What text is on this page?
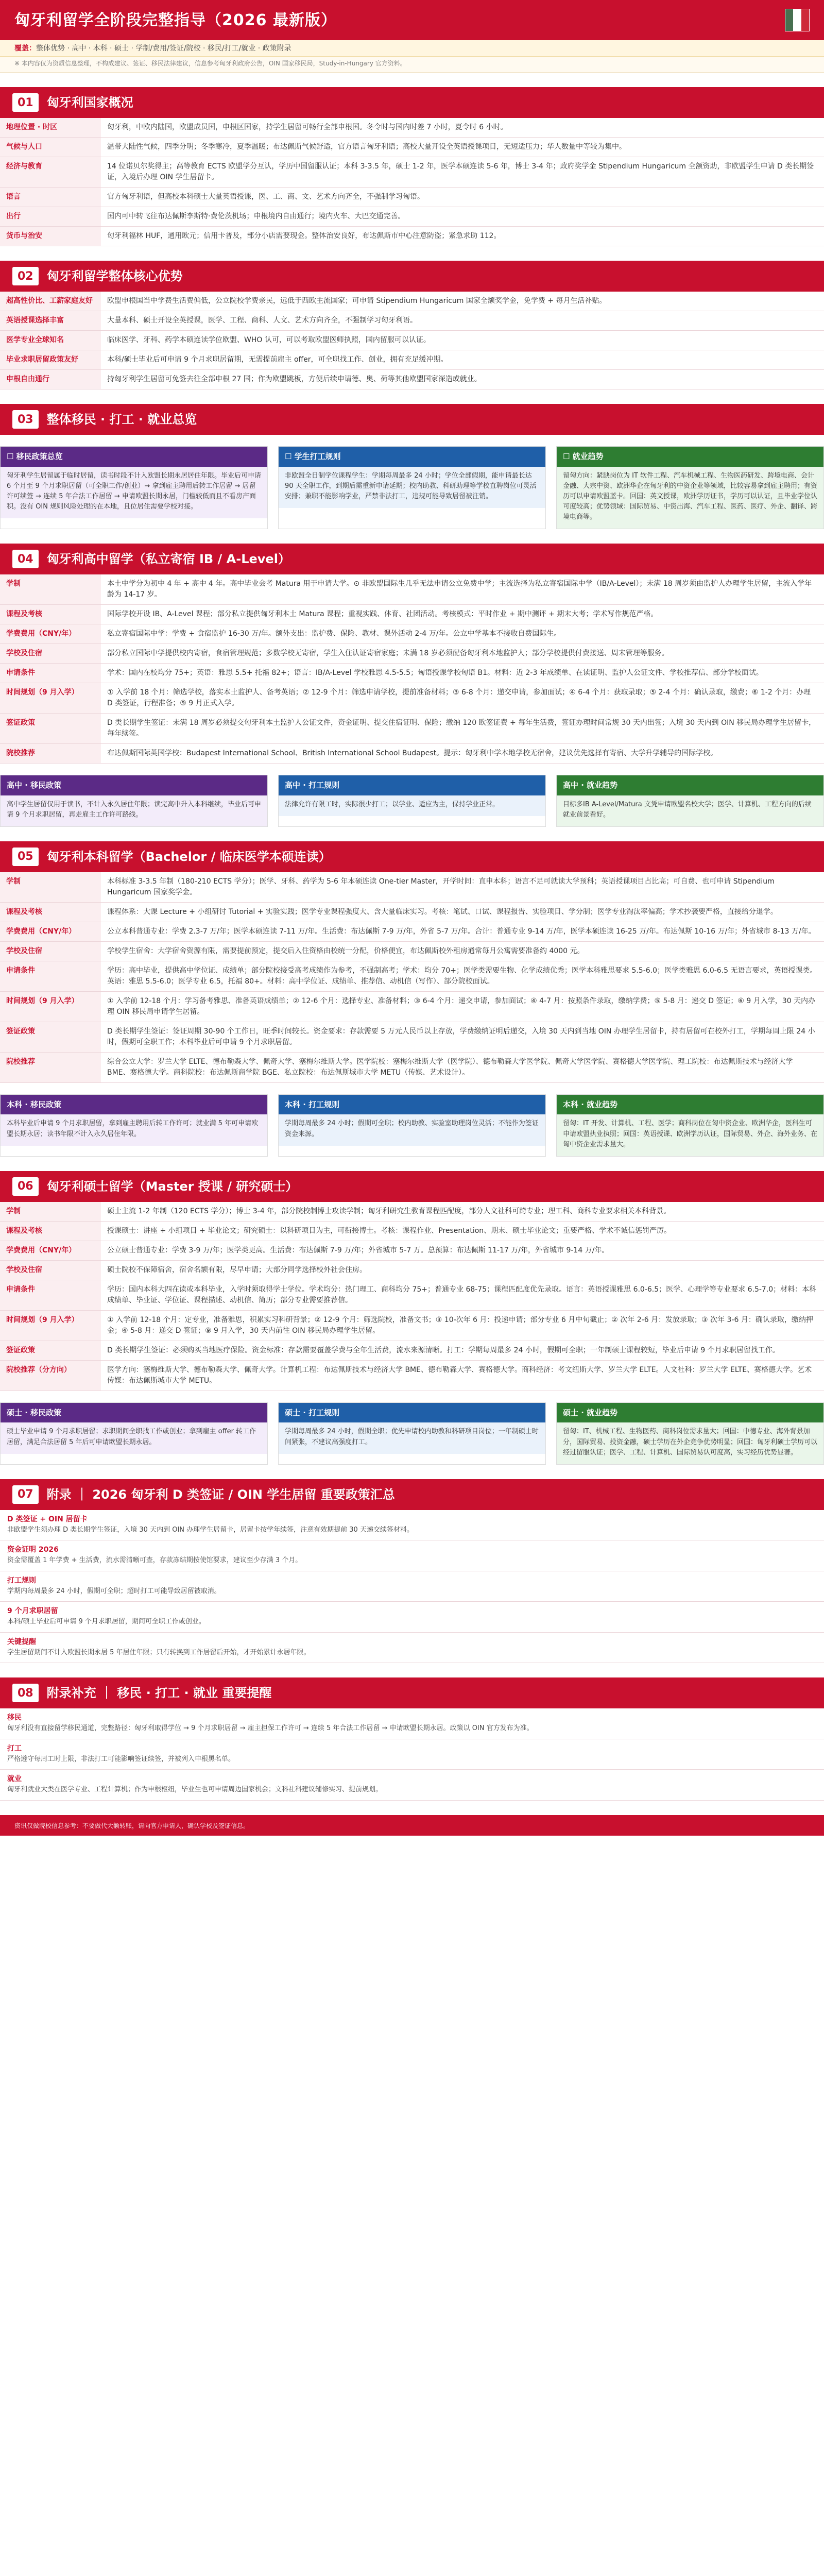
匈牙利留学全阶段完整指导（2026 最新版）
覆盖：整体优势 · 高中 · 本科 · 硕士 · 学制/费用/签证/院校 · 移民/打工/就业 · 政策附录
※ 本内容仅为资质信息整理，不构成建议、签证、移民法律建议，信息参考匈牙利政府公告，OIN 国家移民局，Study-in-Hungary 官方资料。
01	匈牙利国家概况
地理位置 · 时区	匈牙利，中欧内陆国，欧盟成员国，申根区国家，持学生居留可畅行全部申根国。冬令时与国内时差 7 小时，夏令时 6 小时。
气候与人口	温带大陆性气候，四季分明；冬季寒冷，夏季温暖；布达佩斯气候舒适，官方语言匈牙利语；高校大量开设全英语授课项目，无短适压力；华人数量中等较为集中。
经济与教育	14 位诺贝尔奖得主；高等教育 ECTS 欧盟学分互认，学历中国留服认证；本科 3-3.5 年，硕士 1-2 年，医学本硕连读 5-6 年，博士 3-4 年；政府奖学金 Stipendium Hungaricum 全额资助，非欧盟学生申请 D 类长期签证，入境后办理 OIN 学生居留卡。
语言	官方匈牙利语，但高校本科硕士大量英语授课，医、工、商、文、艺术方向齐全，不强制学习匈语。
出行	国内可中转飞往布达佩斯李斯特·费伦茨机场；申根境内自由通行；境内火车、大巴交通完善。
货币与治安	匈牙利福林 HUF，通用欧元；信用卡普及，部分小店需要现金。整体治安良好，布达佩斯市中心注意防盗；紧急求助 112。
02	匈牙利留学整体核心优势
超高性价比、工薪家庭友好	欧盟申根国当中学费生活费偏低，公立院校学费亲民，远低于西欧主流国家；可申请 Stipendium Hungaricum 国家全额奖学金，免学费 + 每月生活补贴。
英语授课选择丰富	大量本科、硕士开设全英授课，医学、工程、商科、人文、艺术方向齐全，不强制学习匈牙利语。
医学专业全球知名	临床医学、牙科、药学本硕连读学位欧盟、WHO 认可，可以考取欧盟医师执照，国内留服可以认证。
毕业求职居留政策友好	本科/硕士毕业后可申请 9 个月求职居留期，无需提前雇主 offer，可全职找工作、创业，拥有充足缓冲期。
申根自由通行	持匈牙利学生居留可免签去往全部申根 27 国；作为欧盟跳板，方便后续申请德、奥、荷等其他欧盟国家深造或就业。
03	整体移民 · 打工 · 就业总览
☐ 移民政策总览
匈牙利学生居留属于临时居留，读书时段不计入欧盟长期永居居住年限。毕业后可申请 6 个月至 9 个月求职居留（可全职工作/创业）→ 拿到雇主聘用后转工作居留 → 居留许可续签 → 连续 5 年合法工作居留 → 申请欧盟长期永居，门槛较低而且不看房产面积。没有 OIN 规则风险处理的在本地，且位居住需要学校对接。
☐ 学生打工规则
非欧盟全日制学位课程学生：学期每周最多 24 小时；学位全部假期，能申请最长达 90 天全职工作，到期后需重新申请延期；校内助教、科研助理等学校直聘岗位可灵活安排；兼职不能影响学业，严禁非法打工，违规可能导致居留被注销。
☐ 就业趋势
留匈方向：紧缺岗位为 IT 软件工程、汽车机械工程、生物医药研发、跨境电商、会计金融、大宗中资、欧洲华企在匈牙利的中资企业等领域，比较容易拿到雇主聘用；有资历可以申请欧盟蓝卡。回国：英文授课，欧洲学历证书，学历可以认证，且毕业学位认可度较高；优势领域：国际贸易、中资出海、汽车工程、医药、医疗、外企、翻译、跨境电商等。
04	匈牙利高中留学（私立寄宿 IB / A-Level）
学制	本土中学分为初中 4 年 + 高中 4 年。高中毕业会考 Matura 用于申请大学。⊙ 非欧盟国际生几乎无法申请公立免费中学；主流选择为私立寄宿国际中学（IB/A-Level）；未满 18 周岁须由监护人办理学生居留，主流入学年龄为 14-17 岁。
课程及考核	国际学校开设 IB、A-Level 课程；部分私立提供匈牙利本土 Matura 课程；重视实践、体育、社团活动。考核模式：平时作业 + 期中测评 + 期末大考；学术写作规范严格。
学费费用（CNY/年）	私立寄宿国际中学：学费 + 食宿监护 16-30 万/年。额外支出：监护费、保险、教材、课外活动 2-4 万/年。公立中学基本不接收自费国际生。
学校及住宿	部分私立国际中学提供校内寄宿，食宿管理规范；多数学校无寄宿，学生入住认证寄宿家庭；未满 18 岁必须配备匈牙利本地监护人；部分学校提供付费接送、周末管理等服务。
申请条件	学术：国内在校均分 75+；英语：雅思 5.5+ 托福 82+；语言：IB/A-Level 学校雅思 4.5-5.5；匈语授课学校匈语 B1。材料：近 2-3 年成绩单、在读证明、监护人公证文件、学校推荐信、部分学校面试。
时间规划（9 月入学）	① 入学前 18 个月：筛选学校，落实本土监护人、备考英语；② 12-9 个月：筛选申请学校，提前准备材料；③ 6-8 个月：递交申请，参加面试；④ 6-4 个月：获取录取；⑤ 2-4 个月：确认录取，缴费；⑥ 1-2 个月：办理 D 类签证，行程准备；⑨ 9 月正式入学。
签证政策	D 类长期学生签证：未满 18 周岁必须提交匈牙利本土监护人公证文件，资金证明、提交住宿证明、保险；缴纳 120 欧签证费 + 每年生活费，签证办理时间常规 30 天内出签；入境 30 天内到 OIN 移民局办理学生居留卡，每年续签。
院校推荐	布达佩斯国际英国学校：Budapest International School、British International School Budapest。提示：匈牙利中学本地学校无宿舍，建议优先选择有寄宿、大学升学辅导的国际学校。
高中 · 移民政策
高中学生居留仅用于读书，不计入永久居住年限；读完高中升入本科继续，毕业后可申请 9 个月求职居留，再走雇主工作许可路线。
高中 · 打工规则
法律允许有限工时，实际很少打工；以学业、适应为主，保持学业正常。
高中 · 就业趋势
目标多IB A-Level/Matura 文凭申请欧盟名校大学；医学、计算机、工程方向的后续就业前景看好。
05	匈牙利本科留学（Bachelor / 临床医学本硕连读）
学制	本科标准 3-3.5 年制（180-210 ECTS 学分）；医学、牙科、药学为 5-6 年本硕连读 One-tier Master，开学时间：直申本科；语言不足可就读大学预科；英语授课项目占比高；可自费、也可申请 Stipendium Hungaricum 国家奖学金。
课程及考核	课程体系：大课 Lecture + 小组研讨 Tutorial + 实验实践；医学专业课程强度大、含大量临床实习。考核：笔试、口试、课程报告、实验项目、学分制；医学专业淘汰率偏高；学术抄袭要严格，直接给分退学。
学费费用（CNY/年）	公立本科普通专业：学费 2.3-7 万/年；医学本硕连读 7-11 万/年。生活费：布达佩斯 7-9 万/年，外省 5-7 万/年。合计：普通专业 9-14 万/年，医学本硕连读 16-25 万/年。布达佩斯 10-16 万/年；外省城市 8-13 万/年。
学校及住宿	学校学生宿舍：大学宿舍资源有限，需要提前预定，提交后入住资格由校统一分配，价格便宜，布达佩斯校外租房通常每月公寓需要准备约 4000 元。
申请条件	学历：高中毕业，提供高中学位证、成绩单；部分院校接受高考成绩作为参考，不强制高考；学术：均分 70+；医学类需要生物、化学成绩优秀；医学本科雅思要求 5.5-6.0；医学类雅思 6.0-6.5 无语言要求，英语授课类。英语：雅思 5.5-6.0；医学专业 6.5，托福 80+。材料：高中学位证、成绩单、推荐信、动机信（写作）、部分院校面试。
时间规划（9 月入学）	① 入学前 12-18 个月：学习备考雅思、准备英语成绩单；② 12-6 个月：选择专业、准备材料；③ 6-4 个月：递交申请，参加面试；④ 4-7 月：按照条件录取，缴纳学费；⑤ 5-8 月：递交 D 签证；⑥ 9 月入学，30 天内办理 OIN 移民局申请学生居留。
签证政策	D 类长期学生签证：签证周期 30-90 个工作日，旺季时间较长。资金要求：存款需要 5 万元人民币以上存放，学费缴纳证明后递交，入境 30 天内到当地 OIN 办理学生居留卡，持有居留可在校外打工，学期每周上限 24 小时，假期可全职工作；本科毕业后可申请 9 个月求职居留。
院校推荐	综合公立大学：罗兰大学 ELTE、德布勒森大学、佩奇大学、塞梅尔维斯大学。医学院校：塞梅尔维斯大学（医学院）、德布勒森大学医学院、佩奇大学医学院、赛格德大学医学院、理工院校：布达佩斯技术与经济大学 BME、赛格德大学。商科院校：布达佩斯商学院 BGE、私立院校：布达佩斯城市大学 METU（传媒、艺术设计）。
本科 · 移民政策
本科毕业后申请 9 个月求职居留，拿到雇主聘用后转工作许可；就业满 5 年可申请欧盟长期永居；读书年限不计入永久居住年限。
本科 · 打工规则
学期每周最多 24 小时；假期可全职；校内助教、实验室助理岗位灵活；不能作为签证资金来源。
本科 · 就业趋势
留匈：IT 开发、计算机、工程、医学；商科岗位在匈中资企业、欧洲华企，医科生可申请欧盟执业执照；回国：英语授课、欧洲学历认证，国际贸易、外企、海外业务、在匈中资企业需求量大。
06	匈牙利硕士留学（Master 授课 / 研究硕士）
学制	硕士主流 1-2 年制（120 ECTS 学分）；博士 3-4 年，部分院校制博士攻读学制；匈牙利研究生教育课程匹配度，部分人文社科可跨专业；理工科、商科专业要求相关本科背景。
课程及考核	授课硕士：讲座 + 小组项目 + 毕业论文；研究硕士：以科研项目为主，可衔接博士。考核：课程作业、Presentation、期末、硕士毕业论文；重要严格、学术不诚信惩罚严厉。
学费费用（CNY/年）	公立硕士普通专业：学费 3-9 万/年；医学类更高。生活费：布达佩斯 7-9 万/年；外省城市 5-7 万。总预算：布达佩斯 11-17 万/年，外省城市 9-14 万/年。
学校及住宿	硕士院校不保障宿舍，宿舍名额有限，尽早申请；大部分同学选择校外社会住房。
申请条件	学历：国内本科大四在读或本科毕业，入学时须取得学士学位。学术均分：热门理工、商科均分 75+；普通专业 68-75；课程匹配度优先录取。语言：英语授课雅思 6.0-6.5；医学、心理学等专业要求 6.5-7.0；材料：本科成绩单、毕业证、学位证、课程描述、动机信、简历；部分专业需要推荐信。
时间规划（9 月入学）	① 入学前 12-18 个月：定专业，准备雅思，积累实习科研背景；② 12-9 个月：筛选院校，准备文书；③ 10-次年 6 月：投递申请；部分专业 6 月中旬截止；② 次年 2-6 月：发放录取；③ 次年 3-6 月：确认录取，缴纳押金；④ 5-8 月：递交 D 签证；⑨ 9 月入学，30 天内前往 OIN 移民局办理学生居留。
签证政策	D 类长期学生签证：必须购买当地医疗保险。资金标准：存款需要覆盖学费与全年生活费，流水来源清晰。打工：学期每周最多 24 小时，假期可全职；一年制硕士课程较短，毕业后申请 9 个月求职居留找工作。
院校推荐（分方向）	医学方向：塞梅维斯大学、德布勒森大学、佩奇大学。计算机工程：布达佩斯技术与经济大学 BME、德布勒森大学、赛格德大学。商科经济：考文纽斯大学、罗兰大学 ELTE。人文社科：罗兰大学 ELTE、赛格德大学。艺术传媒：布达佩斯城市大学 METU。
硕士 · 移民政策
硕士毕业申请 9 个月求职居留；求职期间全职找工作或创业；拿到雇主 offer 转工作居留，满足合法居留 5 年后可申请欧盟长期永居。
硕士 · 打工规则
学期每周最多 24 小时，假期全职；优先申请校内助教和科研项目岗位；一年制硕士时间紧张，不建议高强度打工。
硕士 · 就业趋势
留匈：IT、机械工程、生物医药、商科岗位需求量大；回国：中德专业、海外背景加分，国际贸易、投资金融，硕士学历在外企竞争优势明显；回国：匈牙利硕士学历可以经过留服认证；医学、工程、计算机、国际贸易认可度高，实习经历优势显著。
07	附录 ｜ 2026 匈牙利 D 类签证 / OIN 学生居留 重要政策汇总
D 类签证 + OIN 居留卡
非欧盟学生须办理 D 类长期学生签证，入境 30 天内到 OIN 办理学生居留卡，居留卡按学年续签，注意有效期提前 30 天递交续签材料。
资金证明 2026
资金需覆盖 1 年学费 + 生活费，流水需清晰可查，存款冻结期按使馆要求，建议至少存满 3 个月。
打工规则
学期内每周最多 24 小时，假期可全职；超时打工可能导致居留被取消。
9 个月求职居留
本科/硕士毕业后可申请 9 个月求职居留，期间可全职工作或创业。
关键提醒
学生居留期间不计入欧盟长期永居 5 年居住年限；只有转换到工作居留后开始，才开始累计永居年限。
08	附录补充 ｜ 移民 · 打工 · 就业 重要提醒
移民
匈牙利没有直接留学移民通道，完整路径：匈牙利取得学位 → 9 个月求职居留 → 雇主担保工作许可 → 连续 5 年合法工作居留 → 申请欧盟长期永居。政策以 OIN 官方发布为准。
打工
严格遵守每周工时上限，非法打工可能影响签证续签，并被列入申根黑名单。
就业
匈牙利就业大类在医学专业、工程计算机；作为申根枢纽，毕业生也可申请周边国家机会；文科社科建议辅修实习、提前规划。
资讯仅做院校信息参考：不要做代大额转账，请向官方申请人，确认学校及签证信息。
